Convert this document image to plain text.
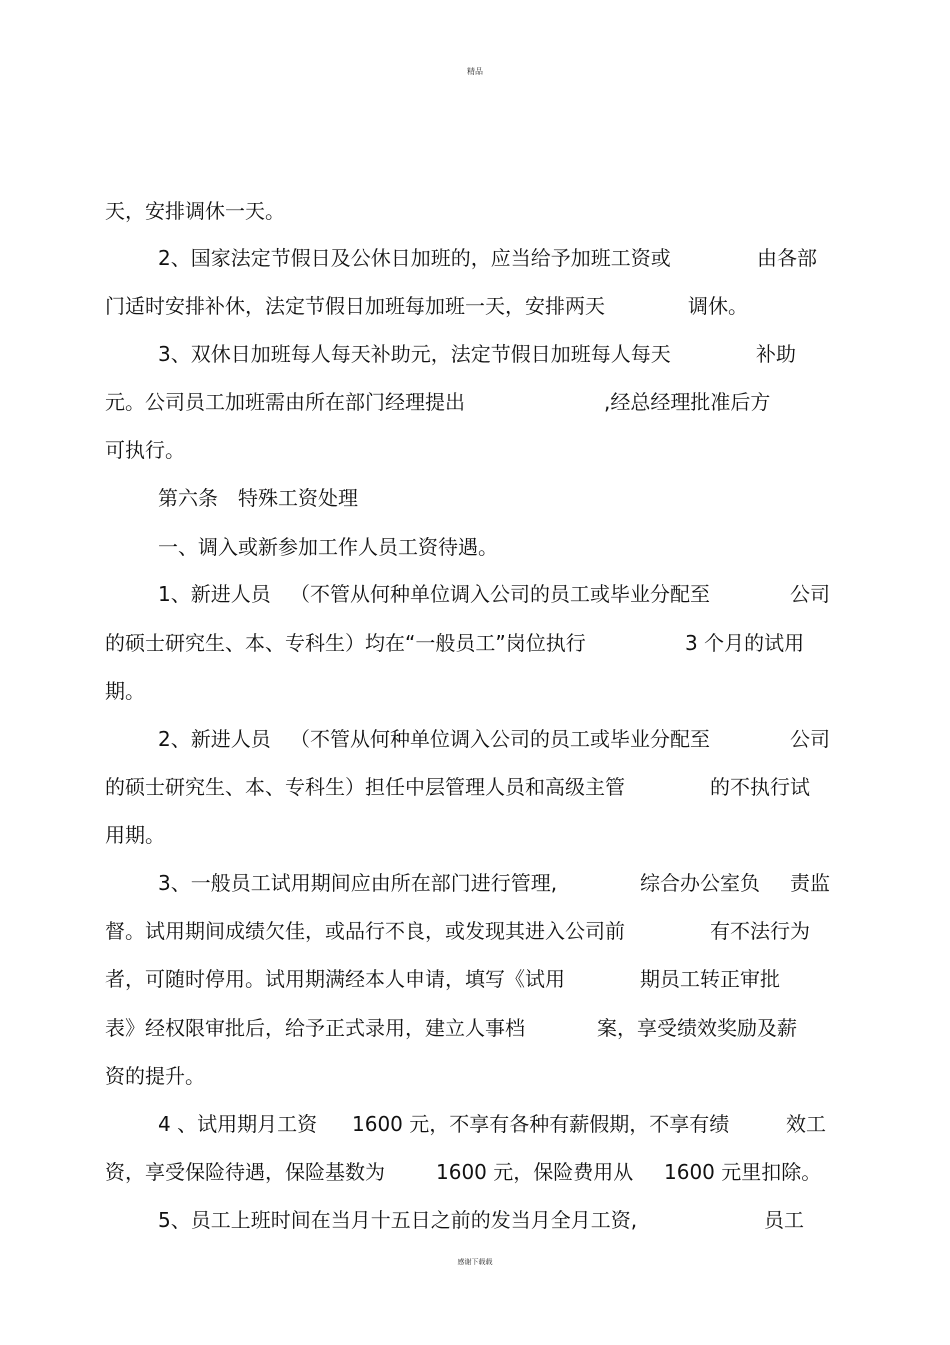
精品
天，安排调休一天。
2、国家法定节假日及公休日加班的，应当给予加班工资或	由各部
门适时安排补休，法定节假日加班每加班一天，安排两天	调休。
3、双休日加班每人每天补助元，法定节假日加班每人每天	补助
元。公司员工加班需由所在部门经理提出	,经总经理批准后方
可执行。
第六条　特殊工资处理
一、调入或新参加工作人员工资待遇。
1、新进人员 （不管从何种单位调入公司的员工或毕业分配至	公司
的硕士研究生、本、专科生）均在“一般员工”岗位执行	3 个月的试用
期。
2、新进人员 （不管从何种单位调入公司的员工或毕业分配至	公司
的硕士研究生、本、专科生）担任中层管理人员和高级主管	的不执行试
用期。
3、一般员工试用期间应由所在部门进行管理,	综合办公室负 责监
督。试用期间成绩欠佳，或品行不良，或发现其进入公司前	有不法行为
者，可随时停用。试用期满经本人申请，填写《试用	期员工转正审批
表》经权限审批后，给予正式录用，建立人事档	案，享受绩效奖励及薪
资的提升。
4 、试用期月工资 1600 元，不享有各种有薪假期，不享有绩	效工
资，享受保险待遇，保险基数为	1600 元，保险费用从 1600 元里扣除。
5、员工上班时间在当月十五日之前的发当月全月工资,	员工
感谢下载载
